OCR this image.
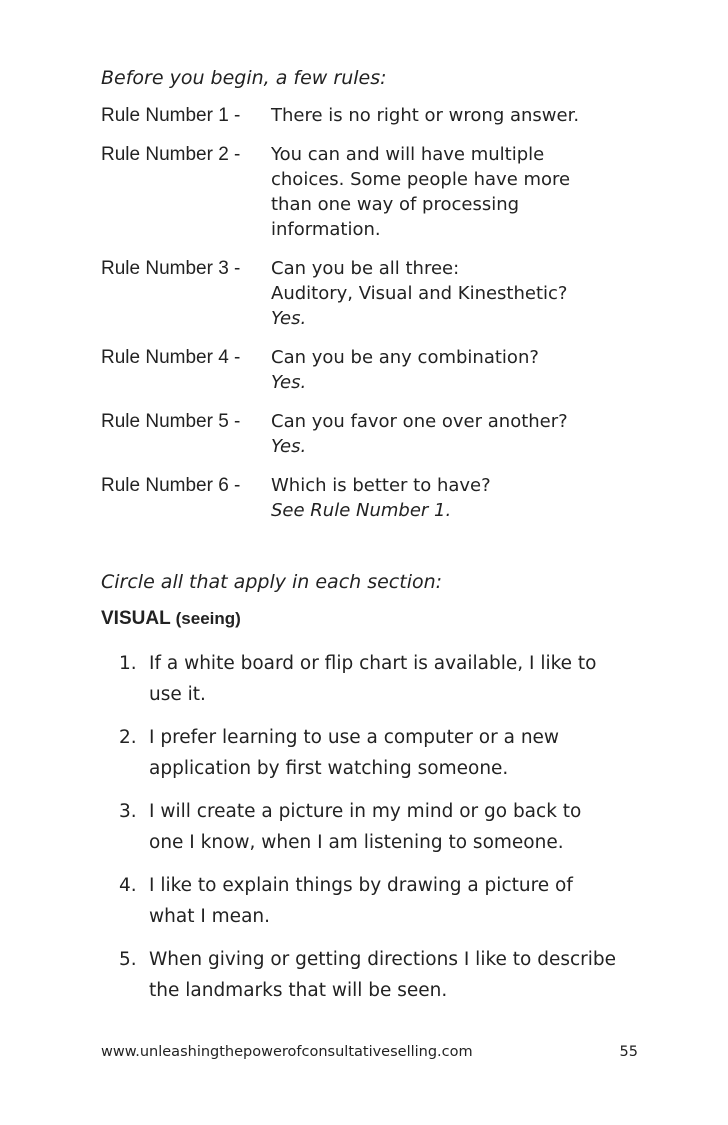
Before you begin, a few rules:
Rule Number 1 -	There is no right or wrong answer.
Rule Number 2 -	You can and will have multiple
choices. Some people have more
than one way of processing
information.
Rule Number 3 -	Can you be all three:
Auditory, Visual and Kinesthetic?
Yes.
Rule Number 4 -	Can you be any combination?
Yes.
Rule Number 5 -	Can you favor one over another?
Yes.
Rule Number 6 -	Which is better to have?
See Rule Number 1.
Circle all that apply in each section:
VISUAL (seeing)
1. If a white board or flip chart is available, I like to
use it.
2. I prefer learning to use a computer or a new
application by first watching someone.
3. I will create a picture in my mind or go back to
one I know, when I am listening to someone.
4. I like to explain things by drawing a picture of
what I mean.
5. When giving or getting directions I like to describe
the landmarks that will be seen.
www.unleashingthepowerofconsultativeselling.com	55
